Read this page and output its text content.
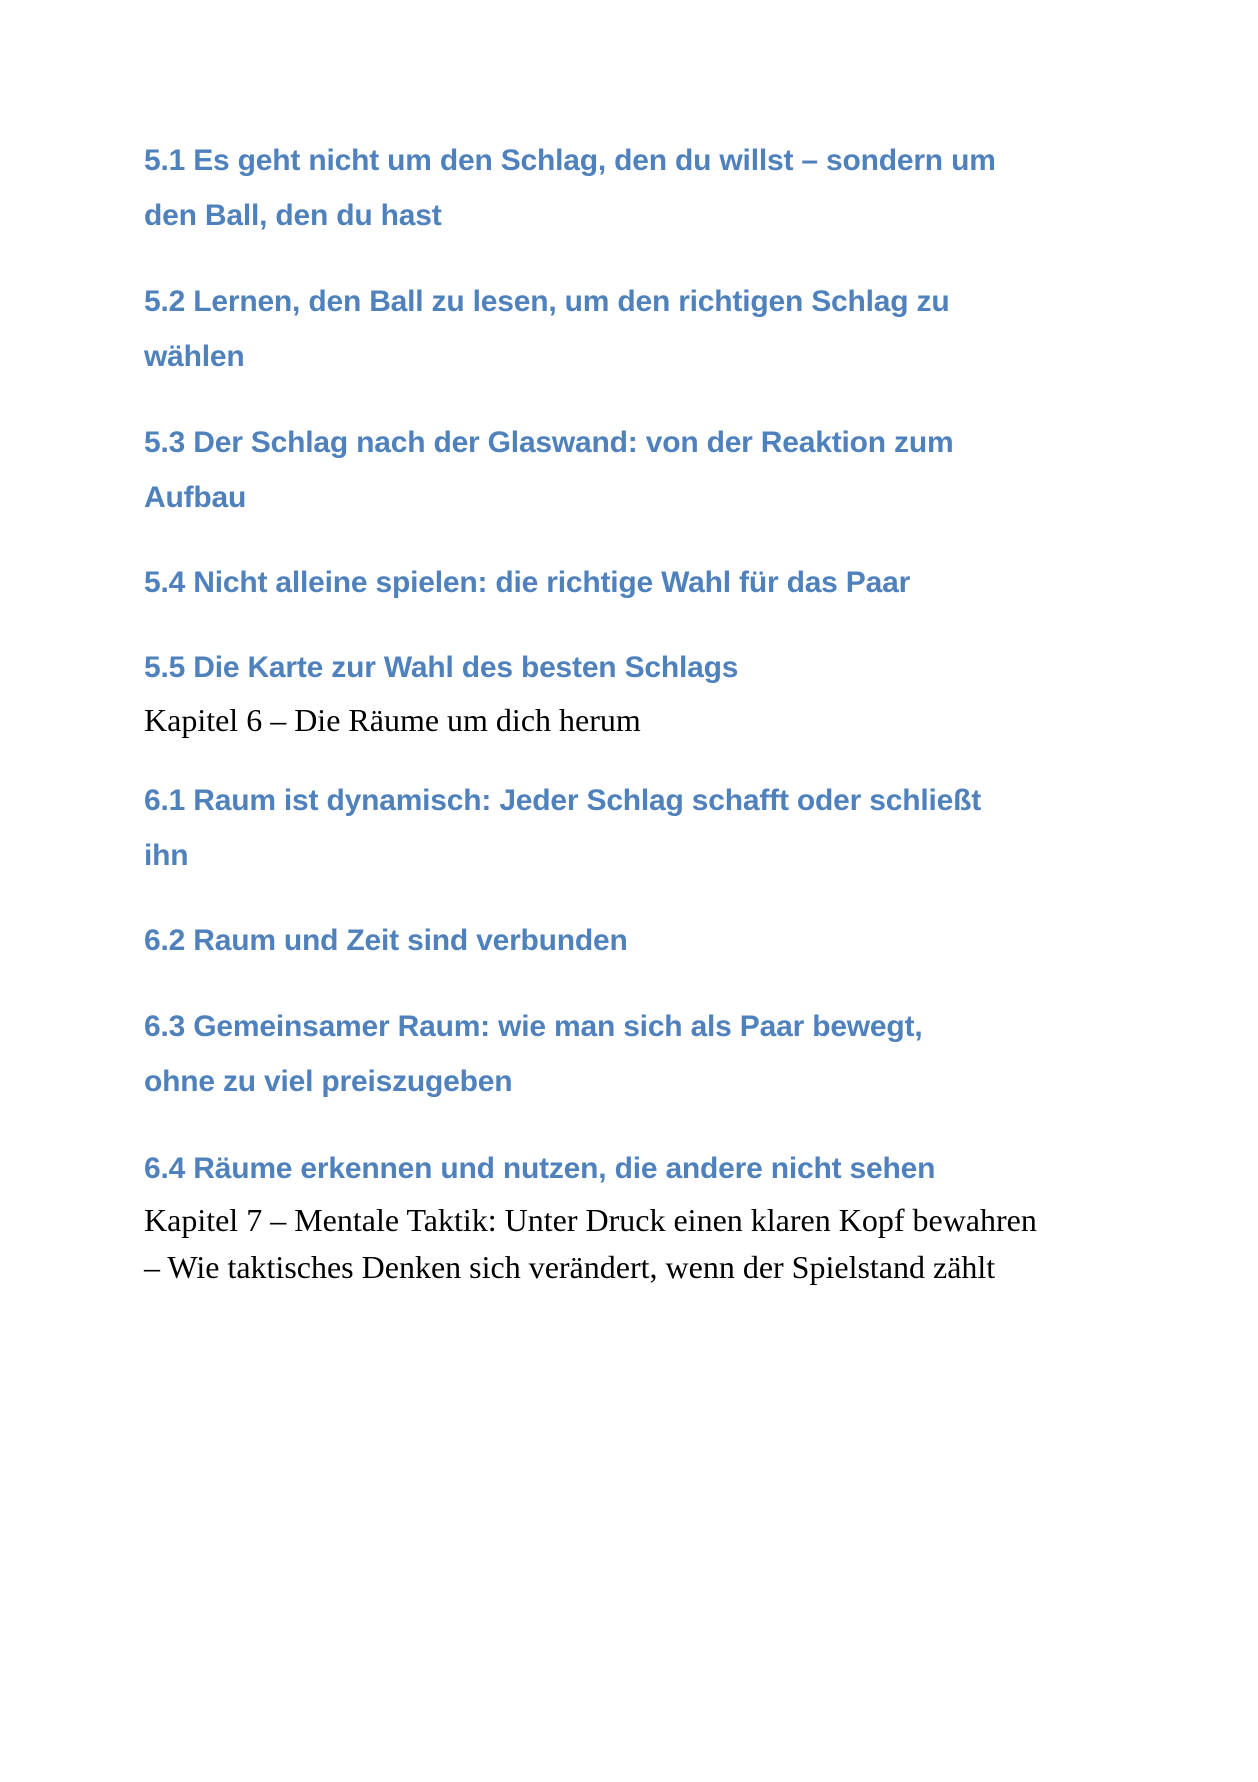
5.1 Es geht nicht um den Schlag, den du willst – sondern um
den Ball, den du hast
5.2 Lernen, den Ball zu lesen, um den richtigen Schlag zu
wählen
5.3 Der Schlag nach der Glaswand: von der Reaktion zum
Aufbau
5.4 Nicht alleine spielen: die richtige Wahl für das Paar
5.5 Die Karte zur Wahl des besten Schlags

Kapitel 6 – Die Räume um dich herum

6.1 Raum ist dynamisch: Jeder Schlag schafft oder schließt
ihn
6.2 Raum und Zeit sind verbunden
6.3 Gemeinsamer Raum: wie man sich als Paar bewegt,
ohne zu viel preiszugeben
6.4 Räume erkennen und nutzen, die andere nicht sehen

Kapitel 7 – Mentale Taktik: Unter Druck einen klaren Kopf bewahren
– Wie taktisches Denken sich verändert, wenn der Spielstand zählt
